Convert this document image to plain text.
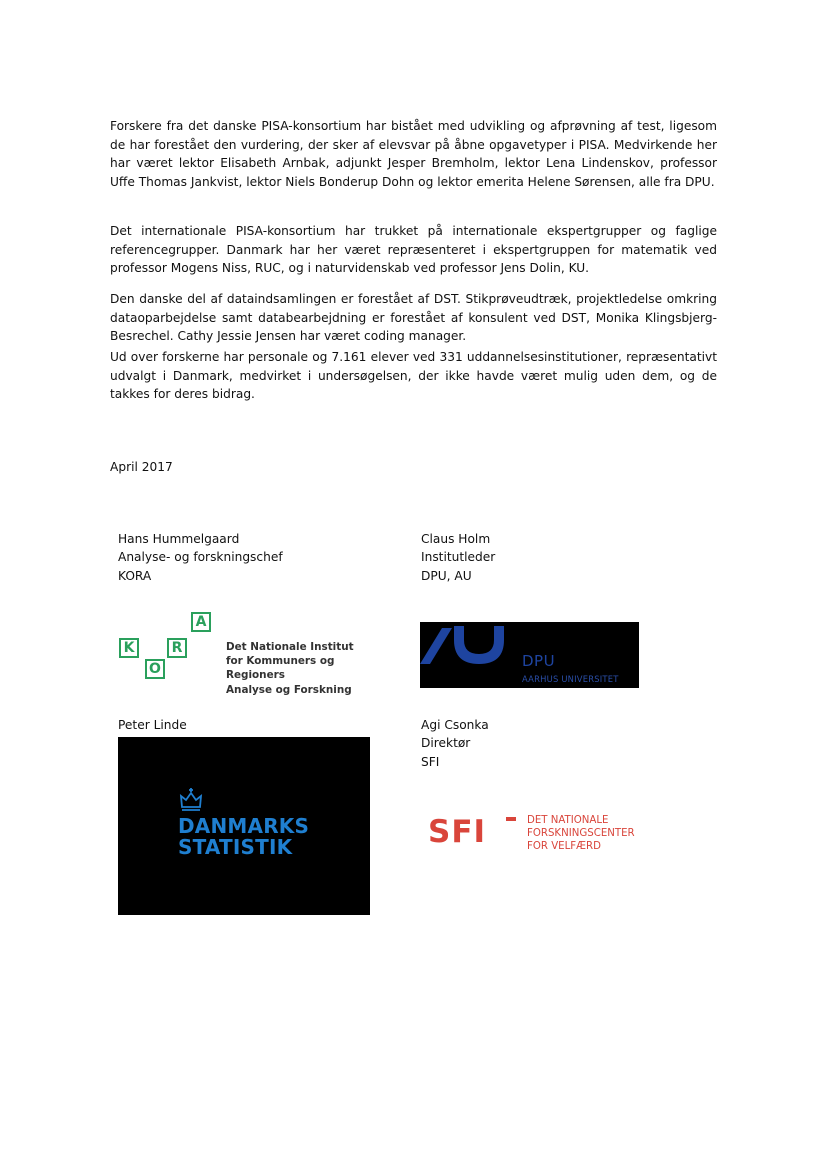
Forskere fra det danske PISA-konsortium har bistået med udvikling og afprøvning af test, ligesom de har forestået den vurdering, der sker af elevsvar på åbne opgavetyper i PISA. Medvirkende her har været lektor Elisabeth Arnbak, adjunkt Jesper Bremholm, lektor Lena Lindenskov, professor Uffe Thomas Jankvist, lektor Niels Bonderup Dohn og lektor emerita Helene Sørensen, alle fra DPU.

Det internationale PISA-konsortium har trukket på internationale ekspertgrupper og faglige referencegrupper. Danmark har her været repræsenteret i ekspertgruppen for matematik ved professor Mogens Niss, RUC, og i naturvidenskab ved professor Jens Dolin, KU.

Den danske del af dataindsamlingen er forestået af DST. Stikprøveudtræk, projektledelse omkring dataoparbejdelse samt databearbejdning er forestået af konsulent ved DST, Monika Klingsbjerg-Besrechel. Cathy Jessie Jensen har været coding manager.

Ud over forskerne har personale og 7.161 elever ved 331 uddannelsesinstitutioner, repræsentativt udvalgt i Danmark, medvirket i undersøgelsen, der ikke havde været mulig uden dem, og de takkes for deres bidrag.

April 2017
Hans Hummelgaard
Analyse- og forskningschef
KORA
Claus Holm
Institutleder
DPU, AU
K
O
R
A
Det Nationale Institut
for Kommuners og Regioners
Analyse og Forskning
DPU
AARHUS UNIVERSITET
Peter Linde	Agi Csonka
Direktør
SFI
DANMARKS
STATISTIK	SFI	DET NATIONALE
FORSKNINGSCENTER
FOR VELFÆRD
